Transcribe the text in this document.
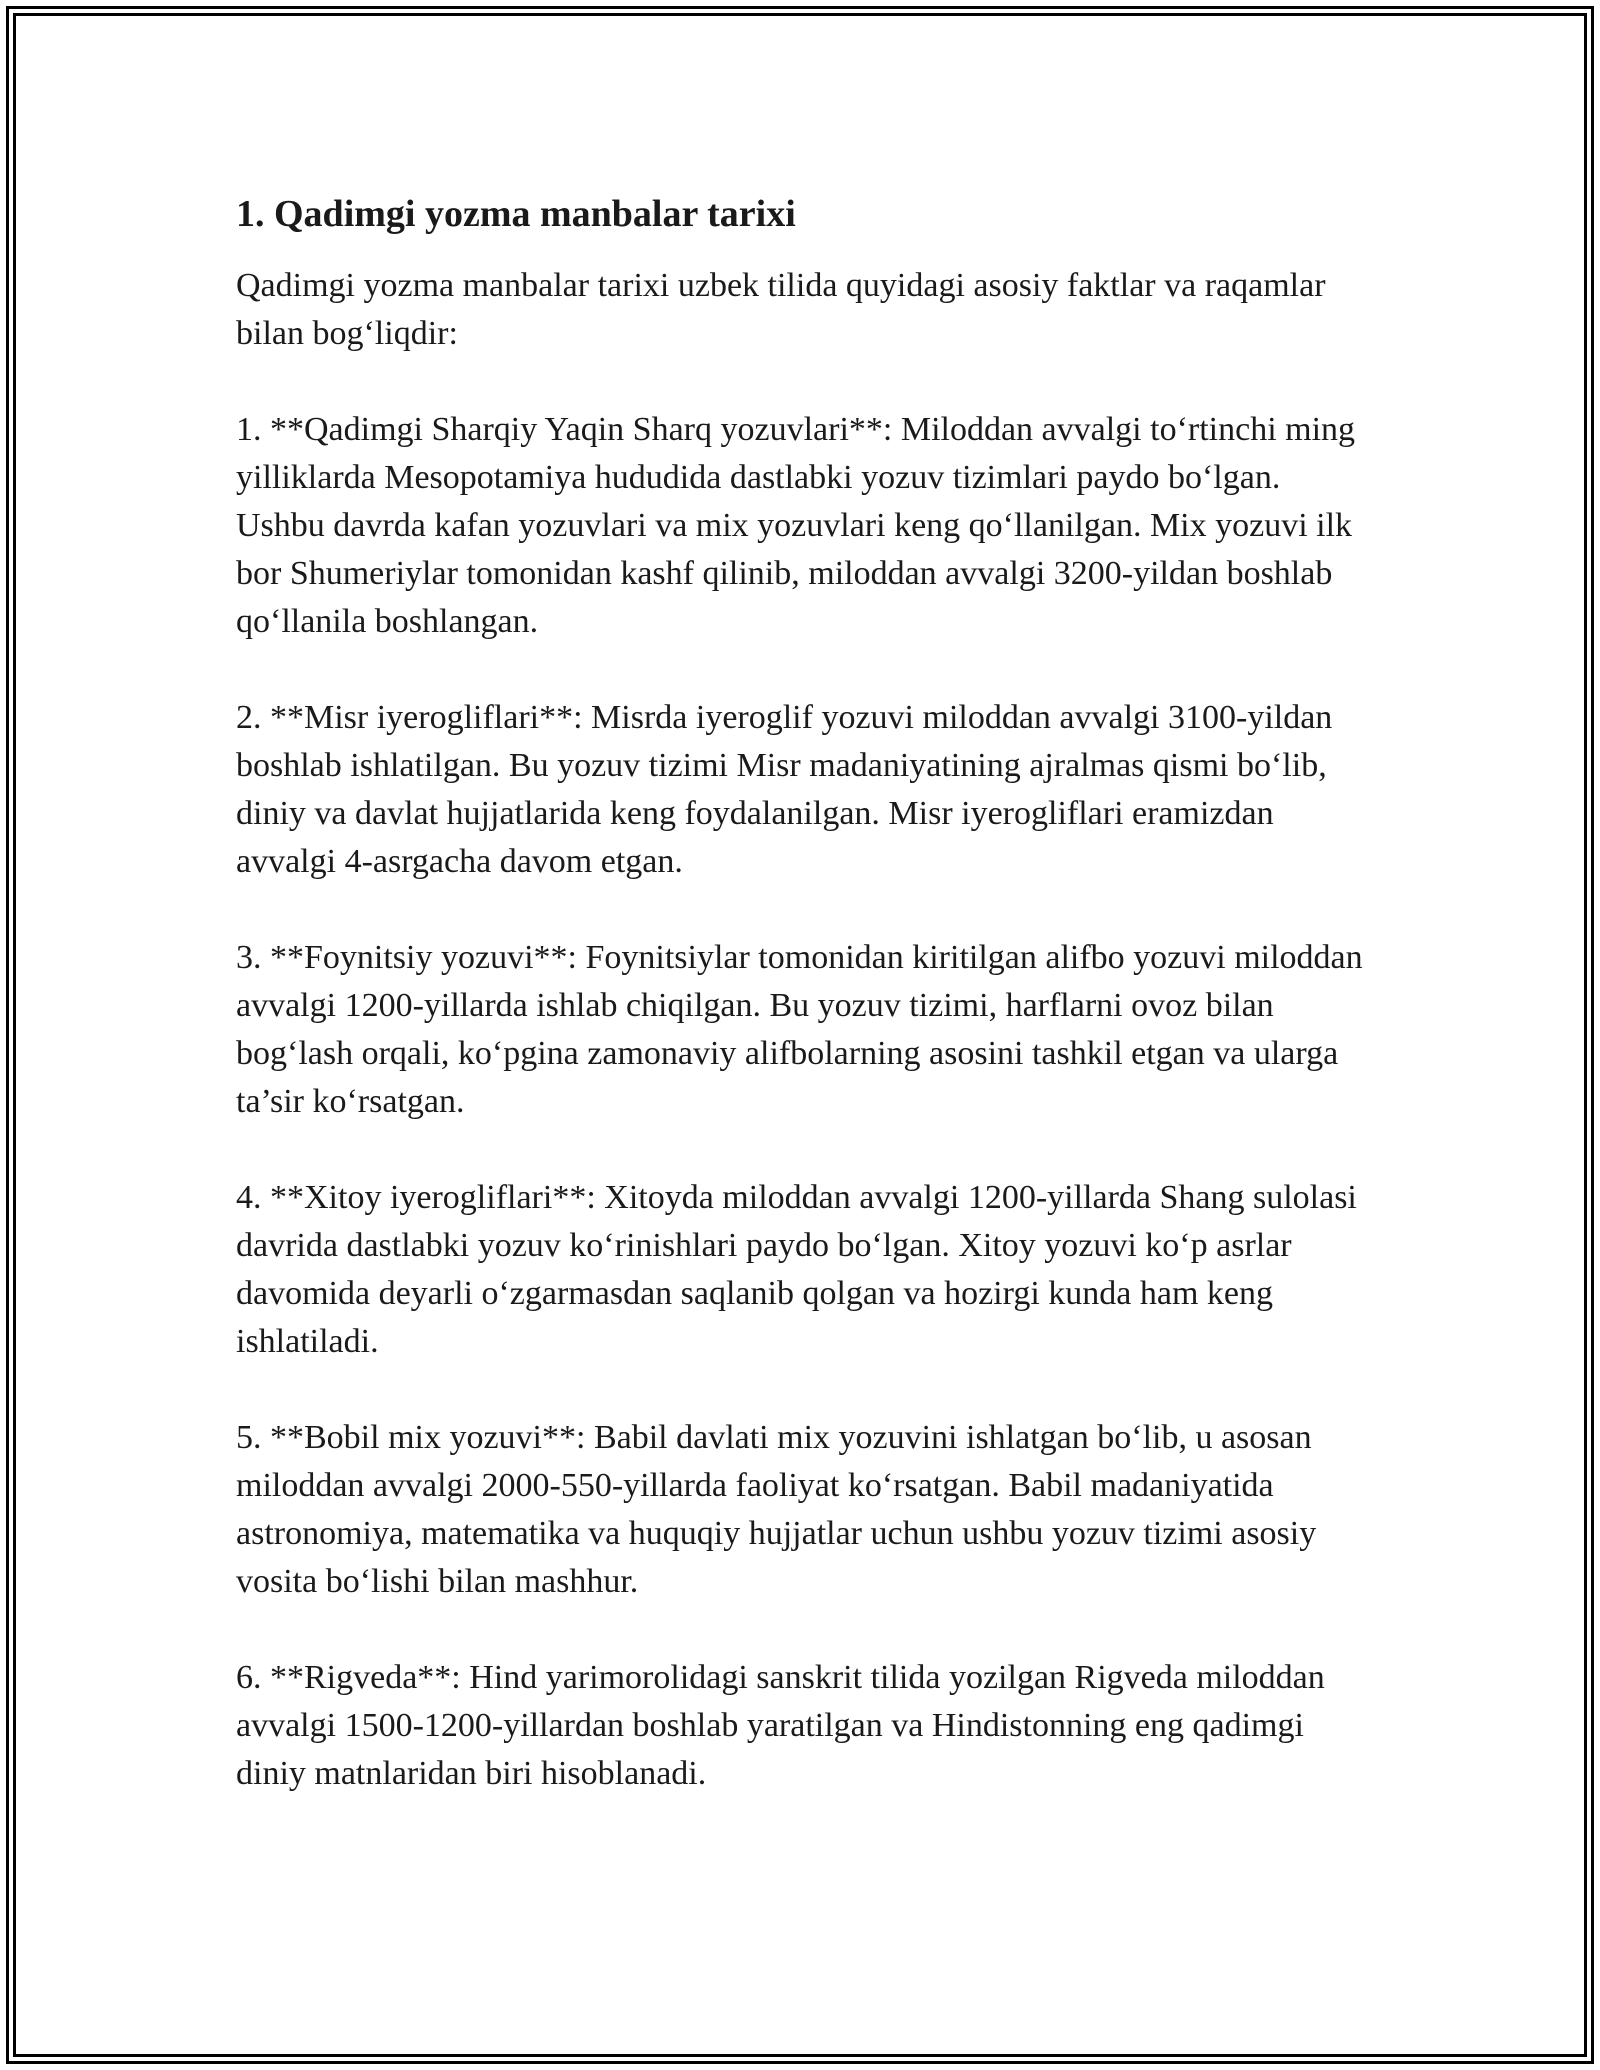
1. Qadimgi yozma manbalar tarixi

Qadimgi yozma manbalar tarixi uzbek tilida quyidagi asosiy faktlar va raqamlar bilan bog‘liqdir:

1. **Qadimgi Sharqiy Yaqin Sharq yozuvlari**: Miloddan avvalgi to‘rtinchi ming yilliklarda Mesopotamiya hududida dastlabki yozuv tizimlari paydo bo‘lgan. Ushbu davrda kafan yozuvlari va mix yozuvlari keng qo‘llanilgan. Mix yozuvi ilk bor Shumeriylar tomonidan kashf qilinib, miloddan avvalgi 3200-yildan boshlab qo‘llanila boshlangan.

2. **Misr iyerogliflari**: Misrda iyeroglif yozuvi miloddan avvalgi 3100-yildan boshlab ishlatilgan. Bu yozuv tizimi Misr madaniyatining ajralmas qismi bo‘lib, diniy va davlat hujjatlarida keng foydalanilgan. Misr iyerogliflari eramizdan avvalgi 4-asrgacha davom etgan.

3. **Foynitsiy yozuvi**: Foynitsiylar tomonidan kiritilgan alifbo yozuvi miloddan avvalgi 1200-yillarda ishlab chiqilgan. Bu yozuv tizimi, harflarni ovoz bilan bog‘lash orqali, ko‘pgina zamonaviy alifbolarning asosini tashkil etgan va ularga ta’sir ko‘rsatgan.

4. **Xitoy iyerogliflari**: Xitoyda miloddan avvalgi 1200-yillarda Shang sulolasi davrida dastlabki yozuv ko‘rinishlari paydo bo‘lgan. Xitoy yozuvi ko‘p asrlar davomida deyarli o‘zgarmasdan saqlanib qolgan va hozirgi kunda ham keng ishlatiladi.

5. **Bobil mix yozuvi**: Babil davlati mix yozuvini ishlatgan bo‘lib, u asosan miloddan avvalgi 2000-550-yillarda faoliyat ko‘rsatgan. Babil madaniyatida astronomiya, matematika va huquqiy hujjatlar uchun ushbu yozuv tizimi asosiy vosita bo‘lishi bilan mashhur.

6. **Rigveda**: Hind yarimorolidagi sanskrit tilida yozilgan Rigveda miloddan avvalgi 1500-1200-yillardan boshlab yaratilgan va Hindistonning eng qadimgi diniy matnlaridan biri hisoblanadi.
